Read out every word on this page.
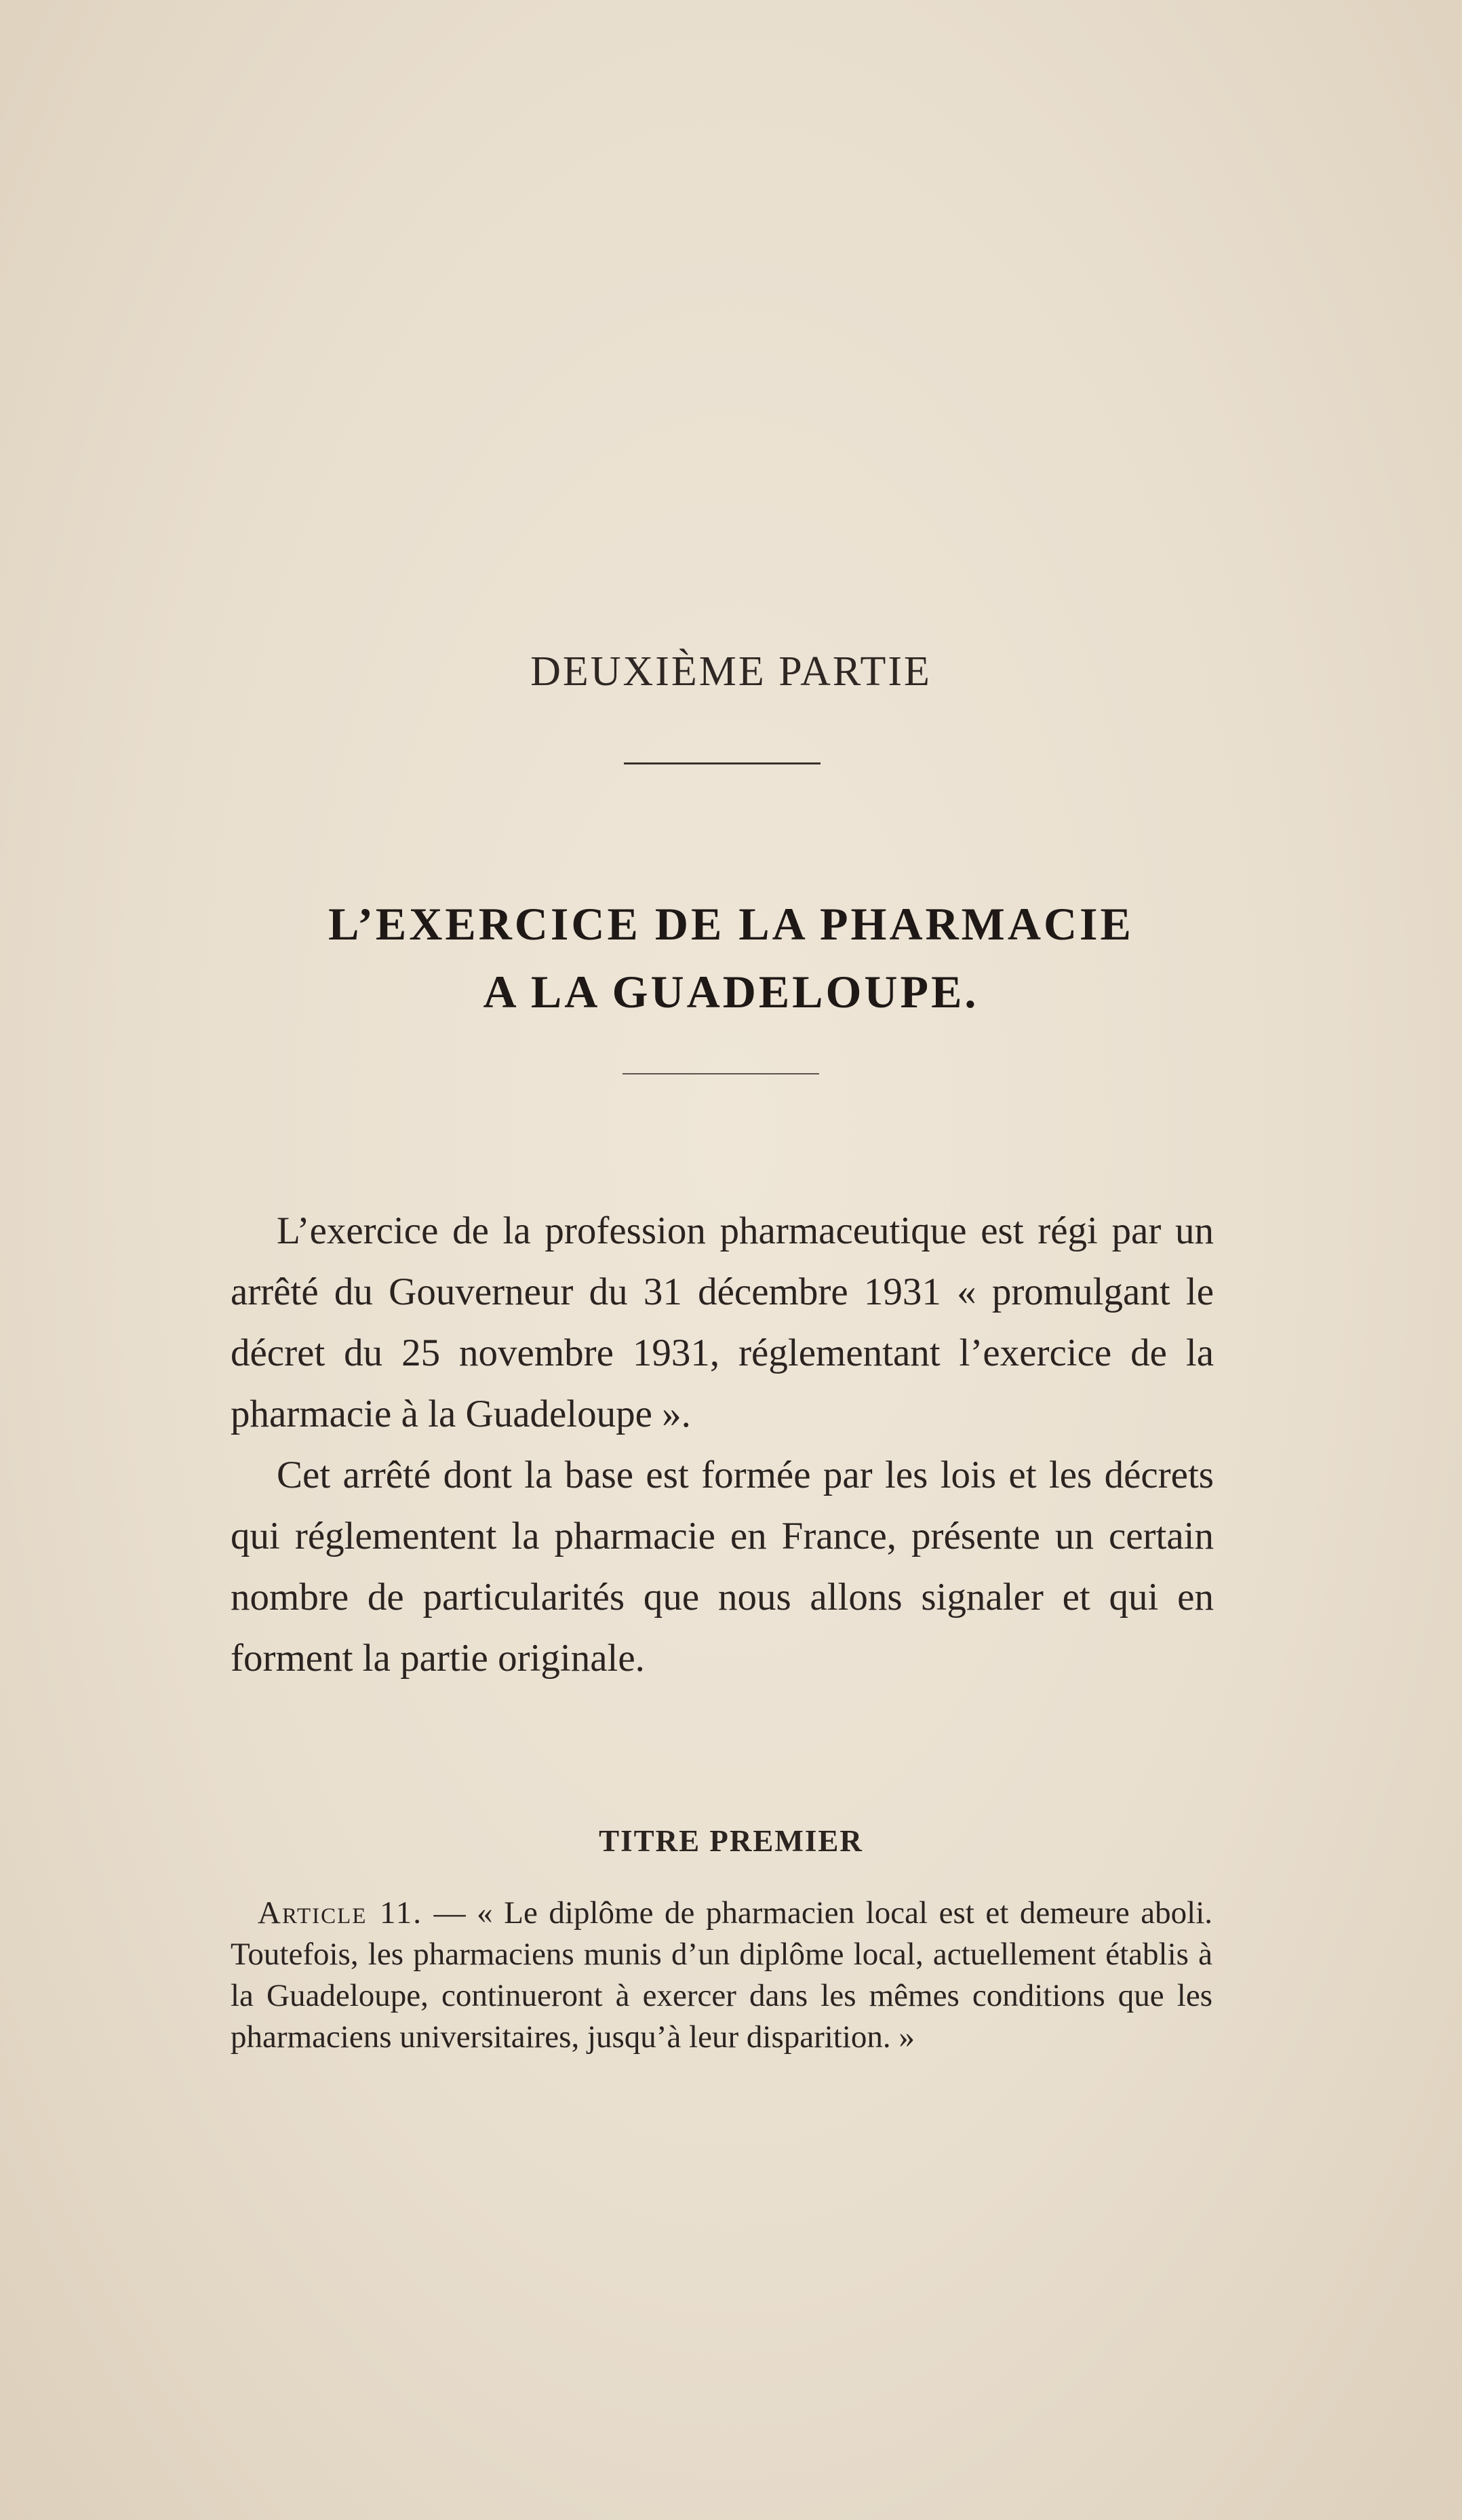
DEUXIÈME PARTIE
L’EXERCICE DE LA PHARMACIE
A LA GUADELOUPE.

L’exercice de la profession pharmaceutique est régi par un arrêté du Gouverneur du 31 décembre 1931 « promulgant le décret du 25 novembre 1931, réglementant l’exercice de la pharmacie à la Guadeloupe ».

Cet arrêté dont la base est formée par les lois et les décrets qui réglementent la pharmacie en France, présente un certain nombre de particularités que nous allons signaler et qui en forment la partie originale.

TITRE PREMIER

Article 11. — « Le diplôme de pharmacien local est et demeure aboli. Toutefois, les pharmaciens munis d’un diplôme local, actuellement établis à la Guadeloupe, continueront à exercer dans les mêmes conditions que les pharmaciens universitaires, jusqu’à leur disparition. »
